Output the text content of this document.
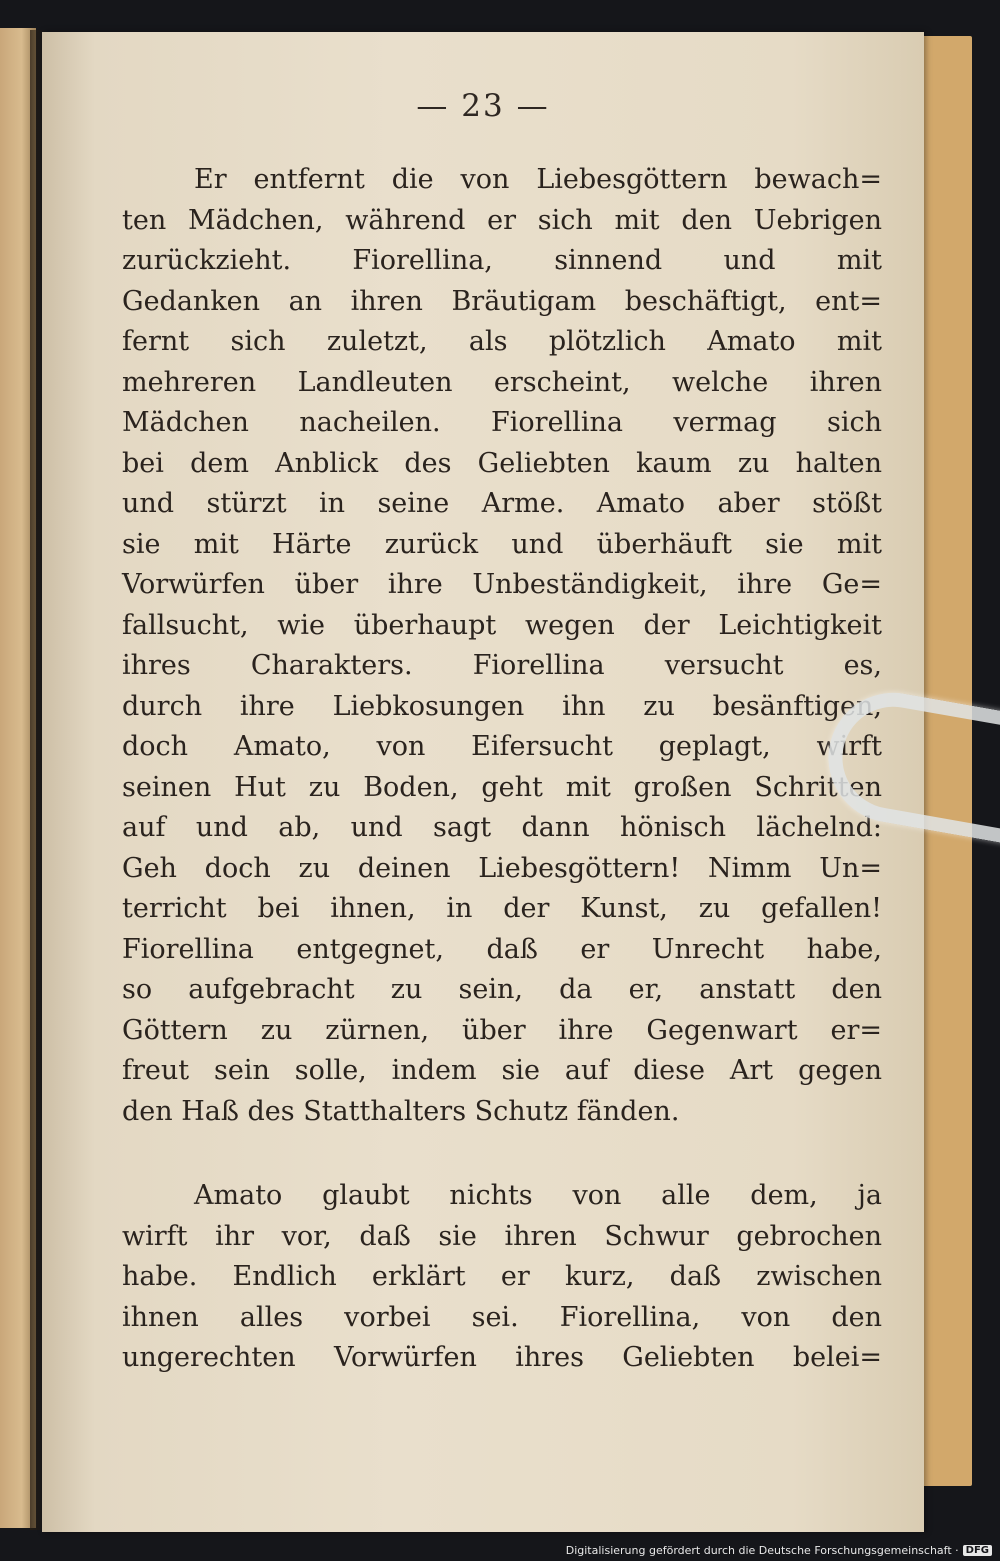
— 23 —
Er entfernt die von Liebesgöttern bewach=
ten Mädchen, während er sich mit den Uebrigen
zurückzieht. Fiorellina, sinnend und mit
Gedanken an ihren Bräutigam beschäftigt, ent=
fernt sich zuletzt, als plötzlich Amato mit
mehreren Landleuten erscheint, welche ihren
Mädchen nacheilen. Fiorellina vermag sich
bei dem Anblick des Geliebten kaum zu halten
und stürzt in seine Arme. Amato aber stößt
sie mit Härte zurück und überhäuft sie mit
Vorwürfen über ihre Unbeständigkeit, ihre Ge=
fallsucht, wie überhaupt wegen der Leichtigkeit
ihres Charakters. Fiorellina versucht es,
durch ihre Liebkosungen ihn zu besänftigen,
doch Amato, von Eifersucht geplagt, wirft
seinen Hut zu Boden, geht mit großen Schritten
auf und ab, und sagt dann hönisch lächelnd:
Geh doch zu deinen Liebesgöttern! Nimm Un=
terricht bei ihnen, in der Kunst, zu gefallen!
Fiorellina entgegnet, daß er Unrecht habe,
so aufgebracht zu sein, da er, anstatt den
Göttern zu zürnen, über ihre Gegenwart er=
freut sein solle, indem sie auf diese Art gegen
den Haß des Statthalters Schutz fänden.
Amato glaubt nichts von alle dem, ja
wirft ihr vor, daß sie ihren Schwur gebrochen
habe. Endlich erklärt er kurz, daß zwischen
ihnen alles vorbei sei. Fiorellina, von den
ungerechten Vorwürfen ihres Geliebten belei=
Digitalisierung gefördert durch die Deutsche Forschungsgemeinschaft · DFG
